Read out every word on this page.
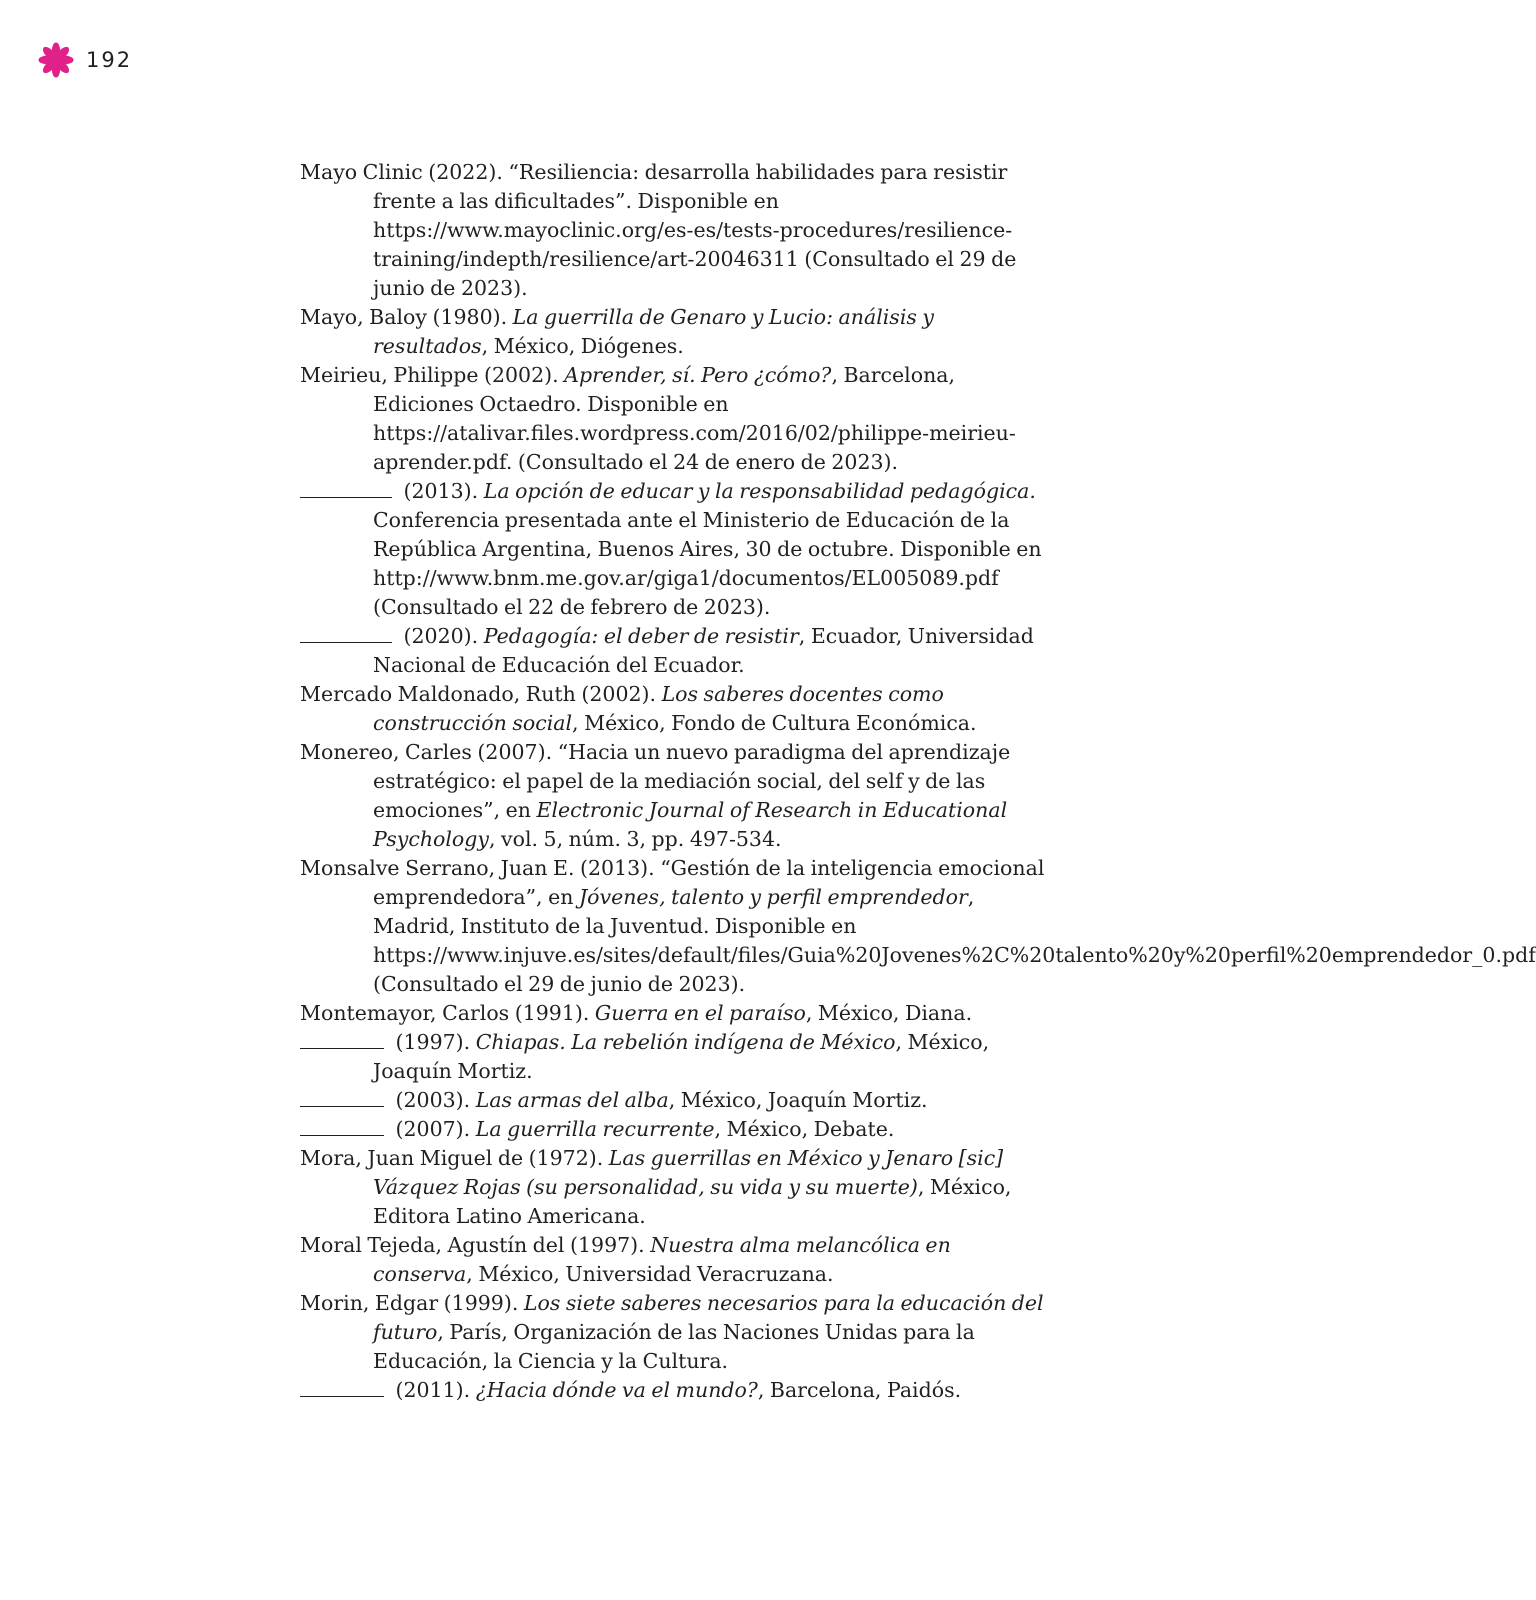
192

Mayo Clinic (2022). “Resiliencia: desarrolla habilidades para resistir frente a las dificultades”. Disponible en https://www.mayoclinic.org/es-es/tests-procedures/resilience-training/indepth/resilience/art-20046311 (Consultado el 29 de junio de 2023).

Mayo, Baloy (1980). La guerrilla de Genaro y Lucio: análisis y resultados, México, Diógenes.

Meirieu, Philippe (2002). Aprender, sí. Pero ¿cómo?, Barcelona, Ediciones Octaedro. Disponible en https://atalivar.files.wordpress.com/2016/02/philippe-meirieu-aprender.pdf. (Consultado el 24 de enero de 2023).

(2013). La opción de educar y la responsabilidad pedagógica. Conferencia presentada ante el Ministerio de Educación de la República Argentina, Buenos Aires, 30 de octubre. Disponible en http://www.bnm.me.gov.ar/giga1/documentos/EL005089.pdf (Consultado el 22 de febrero de 2023).

(2020). Pedagogía: el deber de resistir, Ecuador, Universidad Nacional de Educación del Ecuador.

Mercado Maldonado, Ruth (2002). Los saberes docentes como construcción social, México, Fondo de Cultura Económica.

Monereo, Carles (2007). “Hacia un nuevo paradigma del aprendizaje estratégico: el papel de la mediación social, del self y de las emociones”, en Electronic Journal of Research in Educational Psychology, vol. 5, núm. 3, pp. 497-534.

Monsalve Serrano, Juan E. (2013). “Gestión de la inteligencia emocional emprendedora”, en Jóvenes, talento y perfil emprendedor, Madrid, Instituto de la Juventud. Disponible en https://www.injuve.es/sites/default/files/Guia%20Jovenes%2C%20talento%20y%20perfil%20emprendedor_0.pdf (Consultado el 29 de junio de 2023).

Montemayor, Carlos (1991). Guerra en el paraíso, México, Diana.

(1997). Chiapas. La rebelión indígena de México, México, Joaquín Mortiz.

(2003). Las armas del alba, México, Joaquín Mortiz.

(2007). La guerrilla recurrente, México, Debate.

Mora, Juan Miguel de (1972). Las guerrillas en México y Jenaro [sic] Vázquez Rojas (su personalidad, su vida y su muerte), México, Editora Latino Americana.

Moral Tejeda, Agustín del (1997). Nuestra alma melancólica en conserva, México, Universidad Veracruzana.

Morin, Edgar (1999). Los siete saberes necesarios para la educación del futuro, París, Organización de las Naciones Unidas para la Educación, la Ciencia y la Cultura.

(2011). ¿Hacia dónde va el mundo?, Barcelona, Paidós.
